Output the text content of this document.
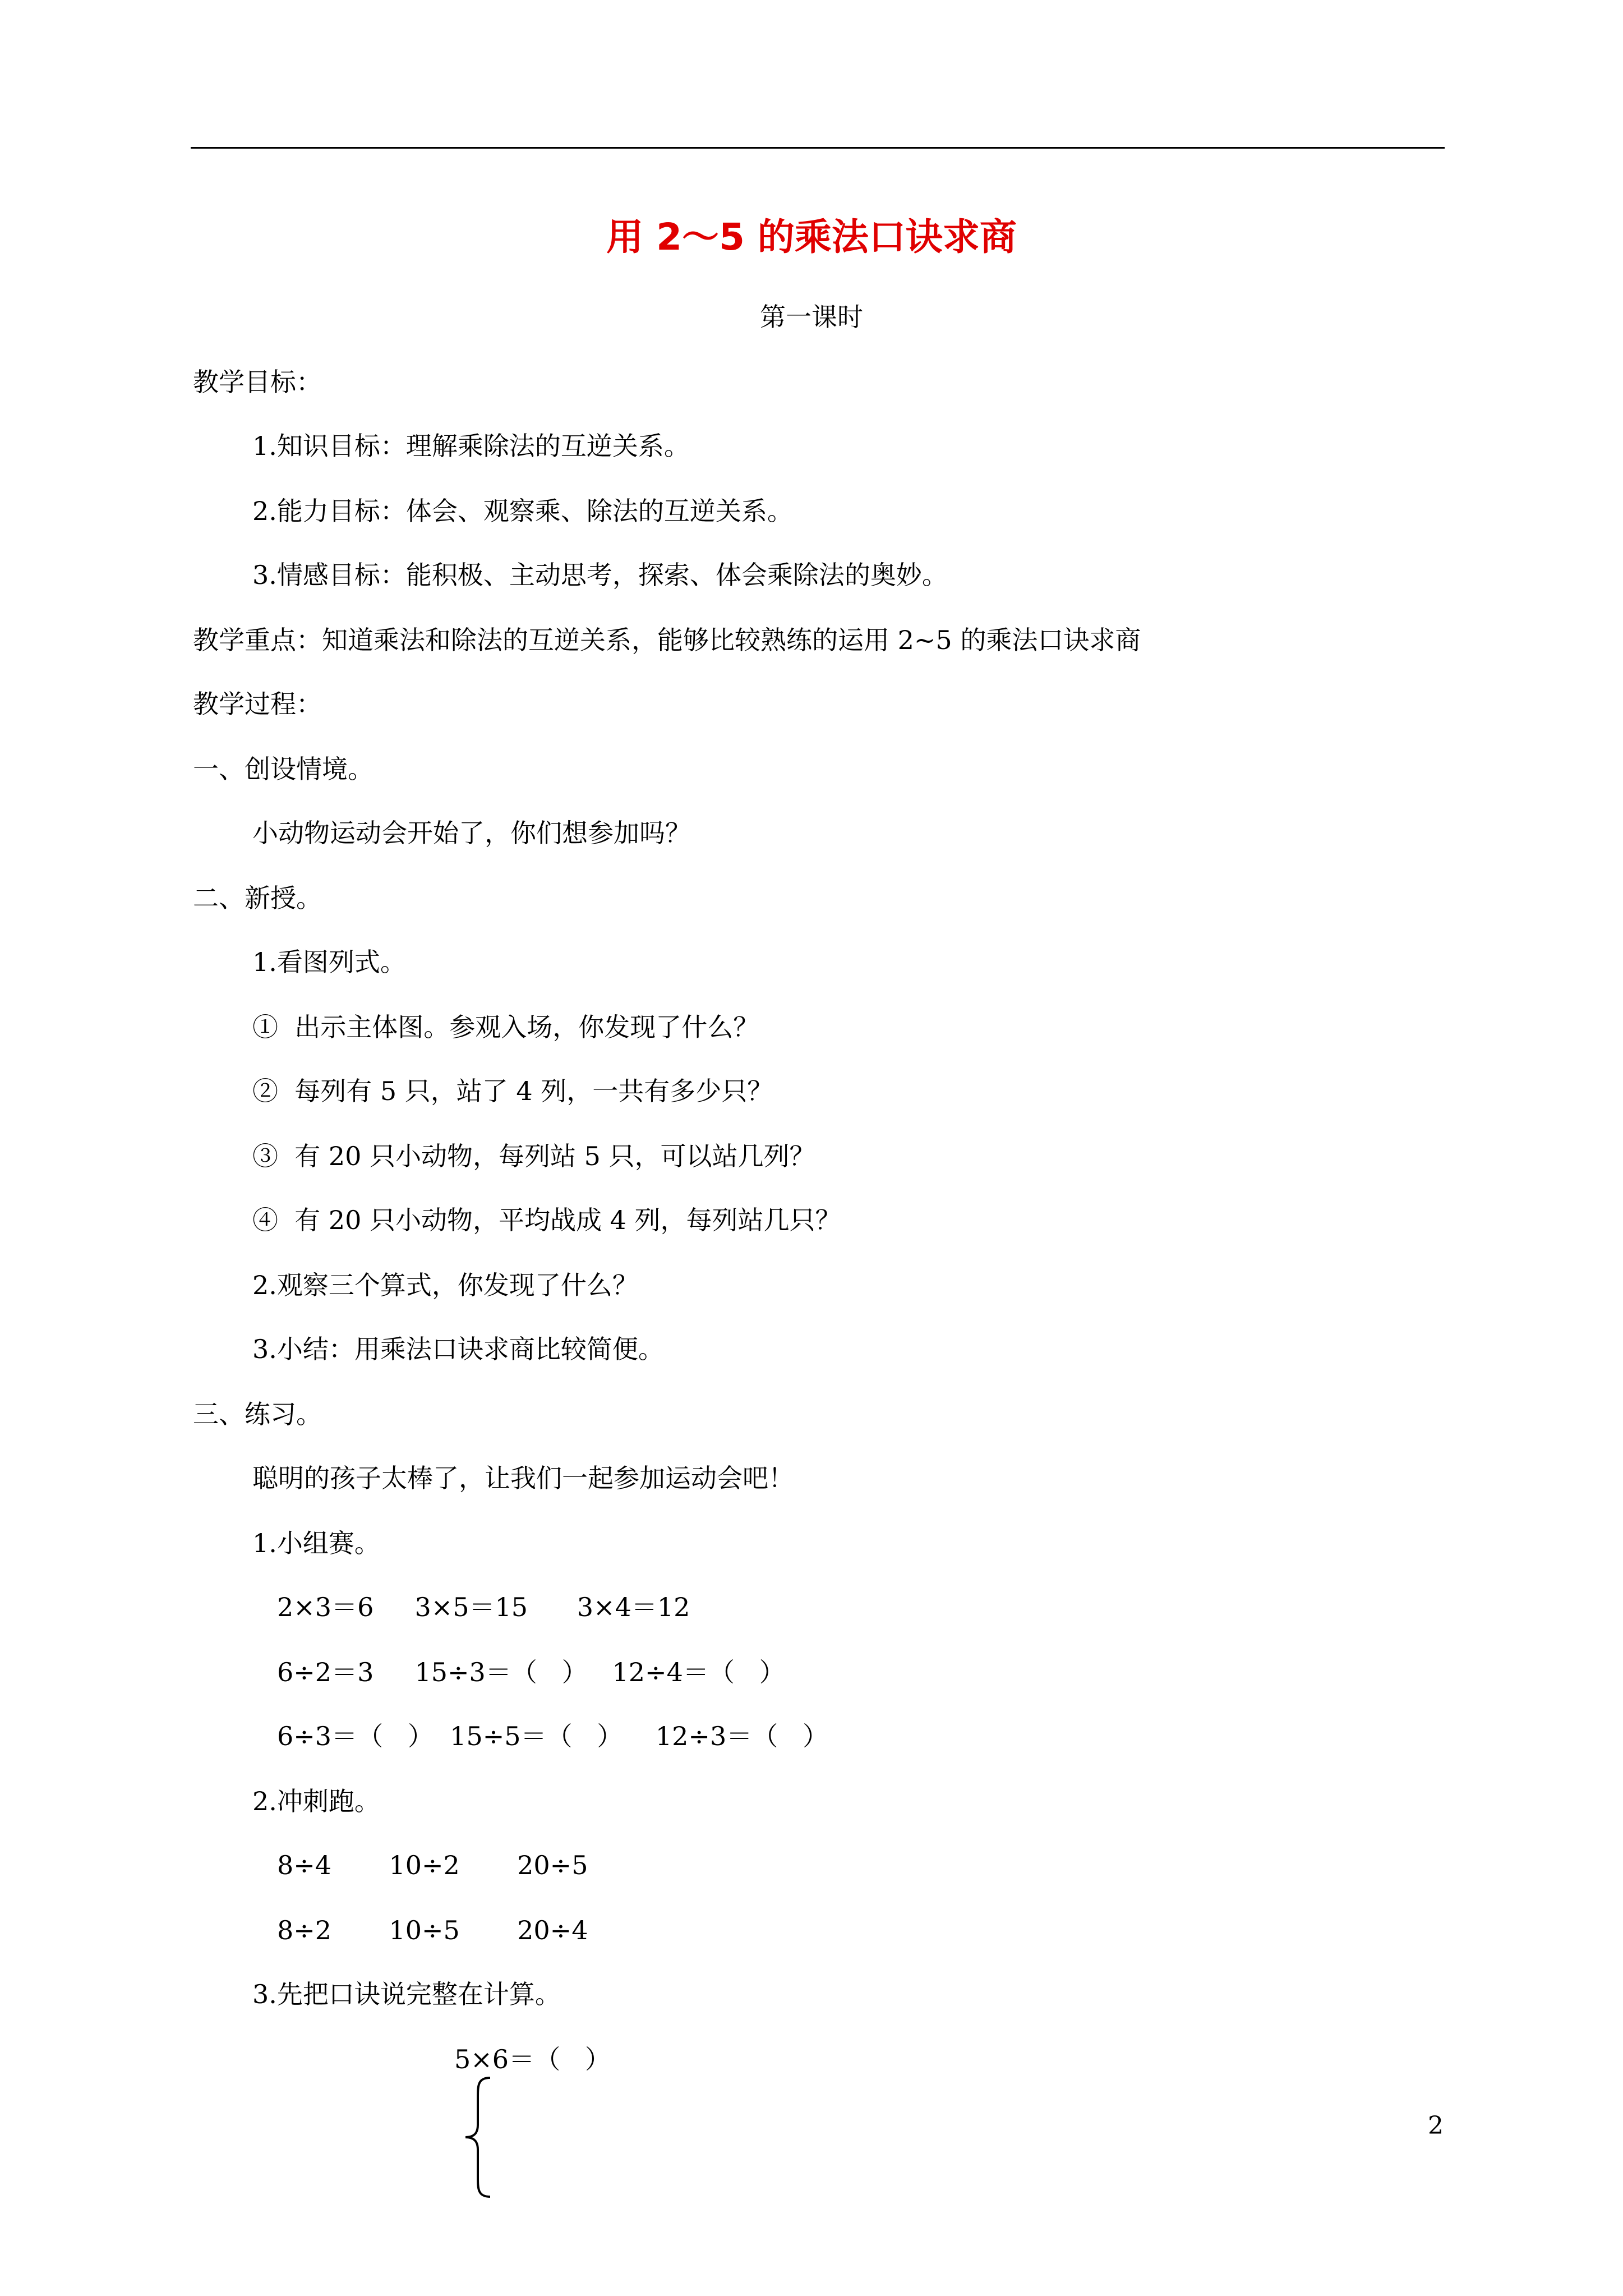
用 2～5 的乘法口诀求商
第一课时
教学目标：
1.知识目标：理解乘除法的互逆关系。
2.能力目标：体会、观察乘、除法的互逆关系。
3.情感目标：能积极、主动思考，探索、体会乘除法的奥妙。
教学重点：知道乘法和除法的互逆关系，能够比较熟练的运用 2~5 的乘法口诀求商
教学过程：
一、创设情境。
小动物运动会开始了，你们想参加吗？
二、新授。
1.看图列式。
①  出示主体图。参观入场，你发现了什么？
②  每列有 5 只，站了 4 列，一共有多少只？
③  有 20 只小动物，每列站 5 只，可以站几列？
④  有 20 只小动物，平均战成 4 列，每列站几只？
2.观察三个算式，你发现了什么？
3.小结：用乘法口诀求商比较简便。
三、练习。
聪明的孩子太棒了，让我们一起参加运动会吧！
1.小组赛。
2×3＝6     3×5＝15      3×4＝12
6÷2＝3     15÷3＝（   ）   12÷4＝（   ）
6÷3＝（   ）  15÷5＝（   ）    12÷3＝（   ）
2.冲刺跑。
8÷4       10÷2       20÷5
8÷2       10÷5       20÷4
3.先把口诀说完整在计算。
5×6＝（   ）
2
